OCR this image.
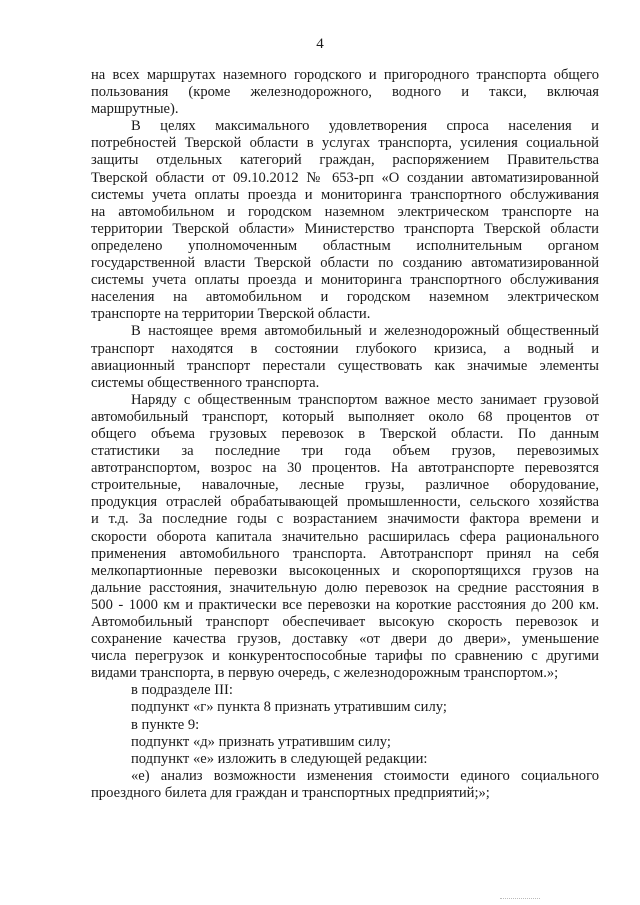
4

на всех маршрутах наземного городского и пригородного транспорта общего

пользования (кроме железнодорожного, водного и такси, включая

маршрутные).

В целях максимального удовлетворения спроса населения и

потребностей Тверской области в услугах транспорта, усиления социальной

защиты отдельных категорий граждан, распоряжением Правительства

Тверской области от 09.10.2012 № 653-рп «О создании автоматизированной

системы учета оплаты проезда и мониторинга транспортного обслуживания

на автомобильном и городском наземном электрическом транспорте на

территории Тверской области» Министерство транспорта Тверской области

определено уполномоченным областным исполнительным органом

государственной власти Тверской области по созданию автоматизированной

системы учета оплаты проезда и мониторинга транспортного обслуживания

населения на автомобильном и городском наземном электрическом

транспорте на территории Тверской области.

В настоящее время автомобильный и железнодорожный общественный

транспорт находятся в состоянии глубокого кризиса, а водный и

авиационный транспорт перестали существовать как значимые элементы

системы общественного транспорта.

Наряду с общественным транспортом важное место занимает грузовой

автомобильный транспорт, который выполняет около 68 процентов от

общего объема грузовых перевозок в Тверской области. По данным

статистики за последние три года объем грузов, перевозимых

автотранспортом, возрос на 30 процентов. На автотранспорте перевозятся

строительные, навалочные, лесные грузы, различное оборудование,

продукция отраслей обрабатывающей промышленности, сельского хозяйства

и т.д. За последние годы с возрастанием значимости фактора времени и

скорости оборота капитала значительно расширилась сфера рационального

применения автомобильного транспорта. Автотранспорт принял на себя

мелкопартионные перевозки высокоценных и скоропортящихся грузов на

дальние расстояния, значительную долю перевозок на средние расстояния в

500 - 1000 км и практически все перевозки на короткие расстояния до 200 км.

Автомобильный транспорт обеспечивает высокую скорость перевозок и

сохранение качества грузов, доставку «от двери до двери», уменьшение

числа перегрузок и конкурентоспособные тарифы по сравнению с другими

видами транспорта, в первую очередь, с железнодорожным транспортом.»;

в подразделе III:

подпункт «г» пункта 8 признать утратившим силу;

в пункте 9:

подпункт «д» признать утратившим силу;

подпункт «е» изложить в следующей редакции:

«е) анализ возможности изменения стоимости единого социального

проездного билета для граждан и транспортных предприятий;»;
